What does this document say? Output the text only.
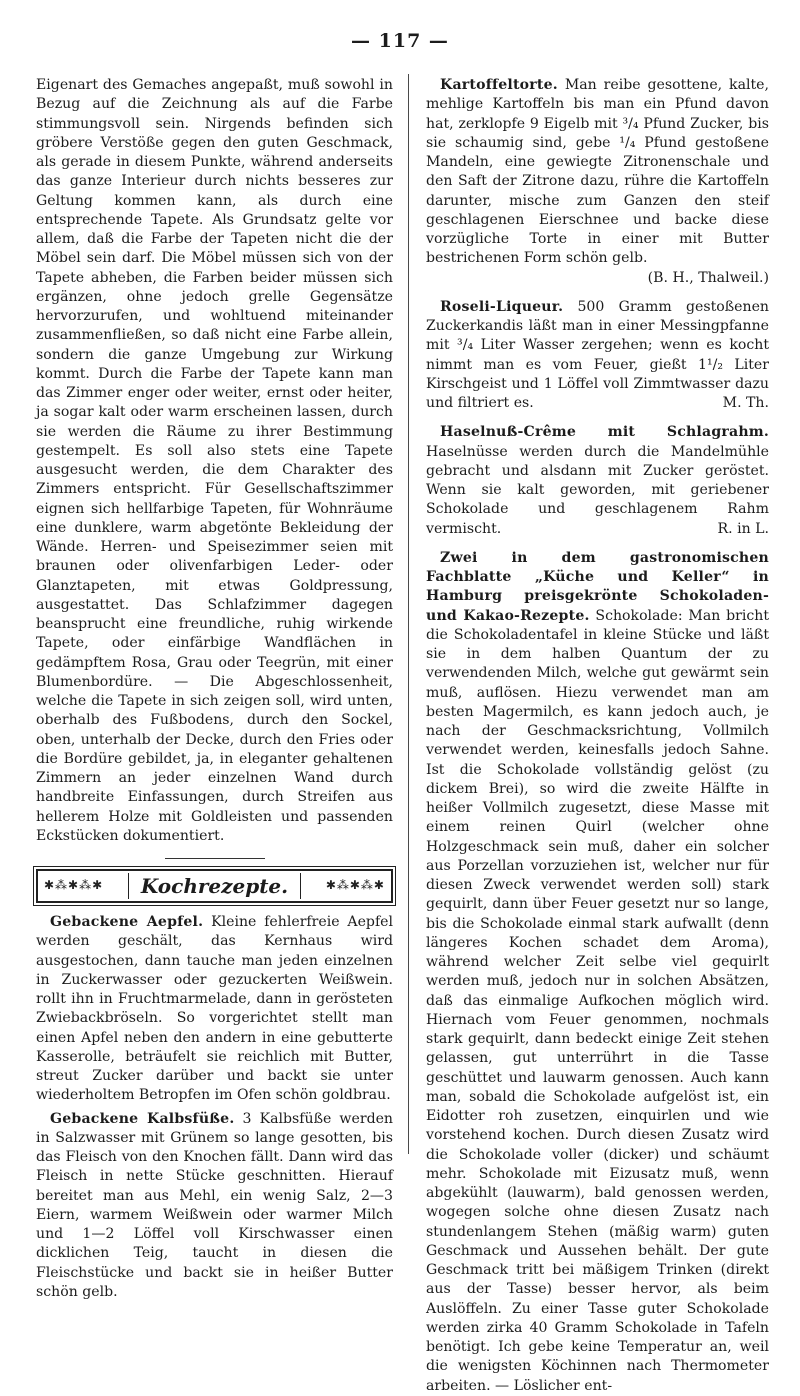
— 117 —

Eigenart des Gemaches angepaßt, muß sowohl in Bezug auf die Zeichnung als auf die Farbe stimmungsvoll sein. Nirgends befinden sich gröbere Verstöße gegen den guten Geschmack, als gerade in diesem Punkte, während anderseits das ganze Interieur durch nichts besseres zur Geltung kommen kann, als durch eine entsprechende Tapete. Als Grundsatz gelte vor allem, daß die Farbe der Tapeten nicht die der Möbel sein darf. Die Möbel müssen sich von der Tapete abheben, die Farben beider müssen sich ergänzen, ohne jedoch grelle Gegensätze hervorzurufen, und wohltuend miteinander zusammenfließen, so daß nicht eine Farbe allein, sondern die ganze Umgebung zur Wirkung kommt. Durch die Farbe der Tapete kann man das Zimmer enger oder weiter, ernst oder heiter, ja sogar kalt oder warm erscheinen lassen, durch sie werden die Räume zu ihrer Bestimmung gestempelt. Es soll also stets eine Tapete ausgesucht werden, die dem Charakter des Zimmers entspricht. Für Gesellschaftszimmer eignen sich hellfarbige Tapeten, für Wohnräume eine dunklere, warm abgetönte Bekleidung der Wände. Herren- und Speisezimmer seien mit braunen oder olivenfarbigen Leder- oder Glanztapeten, mit etwas Goldpressung, ausgestattet. Das Schlafzimmer dagegen beansprucht eine freundliche, ruhig wirkende Tapete, oder einfärbige Wandflächen in gedämpftem Rosa, Grau oder Teegrün, mit einer Blumenbordüre. — Die Abgeschlossenheit, welche die Tapete in sich zeigen soll, wird unten, oberhalb des Fußbodens, durch den Sockel, oben, unterhalb der Decke, durch den Fries oder die Bordüre gebildet, ja, in eleganter gehaltenen Zimmern an jeder einzelnen Wand durch handbreite Einfassungen, durch Streifen aus hellerem Holze mit Goldleisten und passenden Eckstücken dokumentiert.

✱⁂✱⁂✱	Kochrezepte.	✱⁂✱⁂✱

Gebackene Aepfel. Kleine fehlerfreie Aepfel werden geschält, das Kernhaus wird ausgestochen, dann tauche man jeden einzelnen in Zuckerwasser oder gezuckerten Weißwein. rollt ihn in Fruchtmarmelade, dann in gerösteten Zwiebackbröseln. So vorgerichtet stellt man einen Apfel neben den andern in eine gebutterte Kasserolle, beträufelt sie reichlich mit Butter, streut Zucker darüber und backt sie unter wiederholtem Betropfen im Ofen schön goldbrau.

Gebackene Kalbsfüße. 3 Kalbsfüße werden in Salzwasser mit Grünem so lange gesotten, bis das Fleisch von den Knochen fällt. Dann wird das Fleisch in nette Stücke geschnitten. Hierauf bereitet man aus Mehl, ein wenig Salz, 2—3 Eiern, warmem Weißwein oder warmer Milch und 1—2 Löffel voll Kirschwasser einen dicklichen Teig, taucht in diesen die Fleischstücke und backt sie in heißer Butter schön gelb.

Kartoffeltorte. Man reibe gesottene, kalte, mehlige Kartoffeln bis man ein Pfund davon hat, zerklopfe 9 Eigelb mit ³/₄ Pfund Zucker, bis sie schaumig sind, gebe ¹/₄ Pfund gestoßene Mandeln, eine gewiegte Zitronenschale und den Saft der Zitrone dazu, rühre die Kartoffeln darunter, mische zum Ganzen den steif geschlagenen Eierschnee und backe diese vorzügliche Torte in einer mit Butter bestrichenen Form schön gelb.
(B. H., Thalweil.)

Roseli-Liqueur. 500 Gramm gestoßenen Zuckerkandis läßt man in einer Messingpfanne mit ³/₄ Liter Wasser zergehen; wenn es kocht nimmt man es vom Feuer, gießt 1¹/₂ Liter Kirschgeist und 1 Löffel voll Zimmtwasser dazu und filtriert es.	M. Th.

Haselnuß-Crême mit Schlagrahm. Haselnüsse werden durch die Mandelmühle gebracht und alsdann mit Zucker geröstet. Wenn sie kalt geworden, mit geriebener Schokolade und geschlagenem Rahm vermischt.	R. in L.

Zwei in dem gastronomischen Fachblatte „Küche und Keller“ in Hamburg preisgekrönte Schokoladen- und Kakao-Rezepte. Schokolade: Man bricht die Schokoladentafel in kleine Stücke und läßt sie in dem halben Quantum der zu verwendenden Milch, welche gut gewärmt sein muß, auflösen. Hiezu verwendet man am besten Magermilch, es kann jedoch auch, je nach der Geschmacksrichtung, Vollmilch verwendet werden, keinesfalls jedoch Sahne. Ist die Schokolade vollständig gelöst (zu dickem Brei), so wird die zweite Hälfte in heißer Vollmilch zugesetzt, diese Masse mit einem reinen Quirl (welcher ohne Holzgeschmack sein muß, daher ein solcher aus Porzellan vorzuziehen ist, welcher nur für diesen Zweck verwendet werden soll) stark gequirlt, dann über Feuer gesetzt nur so lange, bis die Schokolade einmal stark aufwallt (denn längeres Kochen schadet dem Aroma), während welcher Zeit selbe viel gequirlt werden muß, jedoch nur in solchen Absätzen, daß das einmalige Aufkochen möglich wird. Hiernach vom Feuer genommen, nochmals stark gequirlt, dann bedeckt einige Zeit stehen gelassen, gut unterrührt in die Tasse geschüttet und lauwarm genossen. Auch kann man, sobald die Schokolade aufgelöst ist, ein Eidotter roh zusetzen, einquirlen und wie vorstehend kochen. Durch diesen Zusatz wird die Schokolade voller (dicker) und schäumt mehr. Schokolade mit Eizusatz muß, wenn abgekühlt (lauwarm), bald genossen werden, wogegen solche ohne diesen Zusatz nach stundenlangem Stehen (mäßig warm) guten Geschmack und Aussehen behält. Der gute Geschmack tritt bei mäßigem Trinken (direkt aus der Tasse) besser hervor, als beim Auslöffeln. Zu einer Tasse guter Schokolade werden zirka 40 Gramm Schokolade in Tafeln benötigt. Ich gebe keine Temperatur an, weil die wenigsten Köchinnen nach Thermometer arbeiten. — Löslicher ent-
